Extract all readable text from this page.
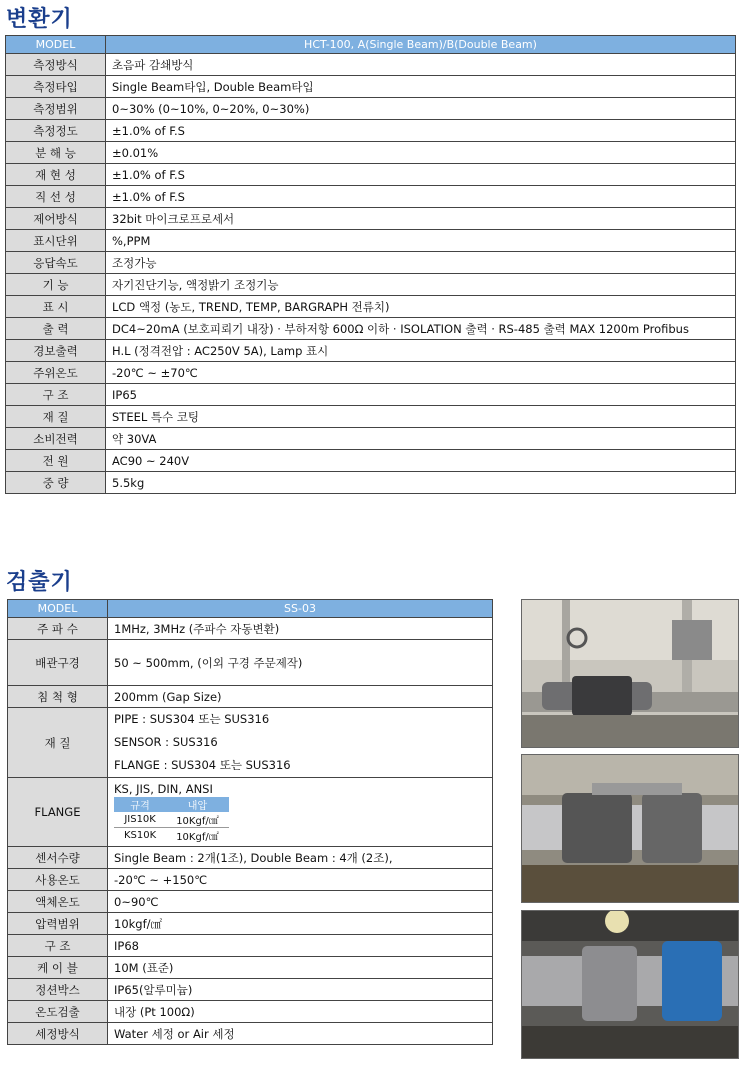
변환기
MODEL	HCT-100, A(Single Beam)/B(Double Beam)
측정방식	초음파 감쇄방식
측정타입	Single Beam타입, Double Beam타입
측정범위	0~30% (0~10%, 0~20%, 0~30%)
측정정도	±1.0% of F.S
분 해 능	±0.01%
재 현 성	±1.0% of F.S
직 선 성	±1.0% of F.S
제어방식	32bit 마이크로프로세서
표시단위	%,PPM
응답속도	조정가능
기 능	자기진단기능, 액정밝기 조정기능
표 시	LCD 액정 (농도, TREND, TEMP, BARGRAPH 전류치)
출 력	DC4~20mA (보호피뢰기 내장) · 부하저항 600Ω 이하 · ISOLATION 출력 · RS-485 출력 MAX 1200m Profibus
경보출력	H.L (정격전압 : AC250V 5A), Lamp 표시
주위온도	-20℃ ~ ±70℃
구 조	IP65
재 질	STEEL 특수 코팅
소비전력	약 30VA
전 원	AC90 ~ 240V
중 량	5.5kg
검출기
MODEL	SS-03
주 파 수	1MHz, 3MHz (주파수 자동변환)
배관구경	50 ~ 500mm, (이외 구경 주문제작)
침 척 형	200mm (Gap Size)
재 질	
PIPE : SUS304 또는 SUS316
SENSOR : SUS316
FLANGE : SUS304 또는 SUS316

FLANGE	
KS, JIS, DIN, ANSI
규격	내압
JIS10K	10Kgf/㎠
KS10K	10Kgf/㎠

센서수량	Single Beam : 2개(1조), Double Beam : 4개 (2조),
사용온도	-20℃ ~ +150℃
액체온도	0~90℃
압력범위	10kgf/㎠
구 조	IP68
케 이 블	10M (표준)
정션박스	IP65(알루미늄)
온도검출	내장 (Pt 100Ω)
세정방식	Water 세정 or Air 세정
